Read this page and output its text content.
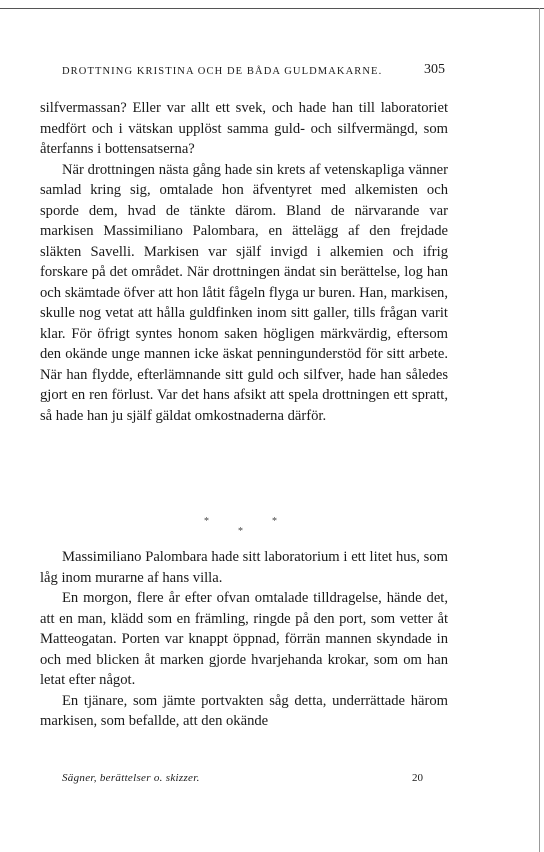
DROTTNING KRISTINA OCH DE BÅDA GULDMAKARNE.	305

silfvermassan? Eller var allt ett svek, och hade han till laboratoriet medfört och i vätskan upplöst samma guld- och silfvermängd, som återfanns i bottensatserna?

När drottningen nästa gång hade sin krets af vetenskapliga vänner samlad kring sig, omtalade hon äfventyret med alkemisten och sporde dem, hvad de tänkte därom. Bland de närvarande var markisen Massimiliano Palombara, en ättelägg af den frejdade släkten Savelli. Markisen var själf invigd i alkemien och ifrig forskare på det området. När drottningen ändat sin berättelse, log han och skämtade öfver att hon låtit fågeln flyga ur buren. Han, markisen, skulle nog vetat att hålla guldfinken inom sitt galler, tills frågan varit klar. För öfrigt syntes honom saken högligen märkvärdig, eftersom den okände unge mannen icke äskat penningunderstöd för sitt arbete. När han flydde, efterlämnande sitt guld och silfver, hade han således gjort en ren förlust. Var det hans afsikt att spela drottningen ett spratt, så hade han ju själf gäldat omkostnaderna därför.

*
*
*

Massimiliano Palombara hade sitt laboratorium i ett litet hus, som låg inom murarne af hans villa.

En morgon, flere år efter ofvan omtalade tilldragelse, hände det, att en man, klädd som en främling, ringde på den port, som vetter åt Matteogatan. Porten var knappt öppnad, förrän mannen skyndade in och med blicken åt marken gjorde hvarjehanda krokar, som om han letat efter något.

En tjänare, som jämte portvakten såg detta, underrättade härom markisen, som befallde, att den okände

Sägner, berättelser o. skizzer.	20
